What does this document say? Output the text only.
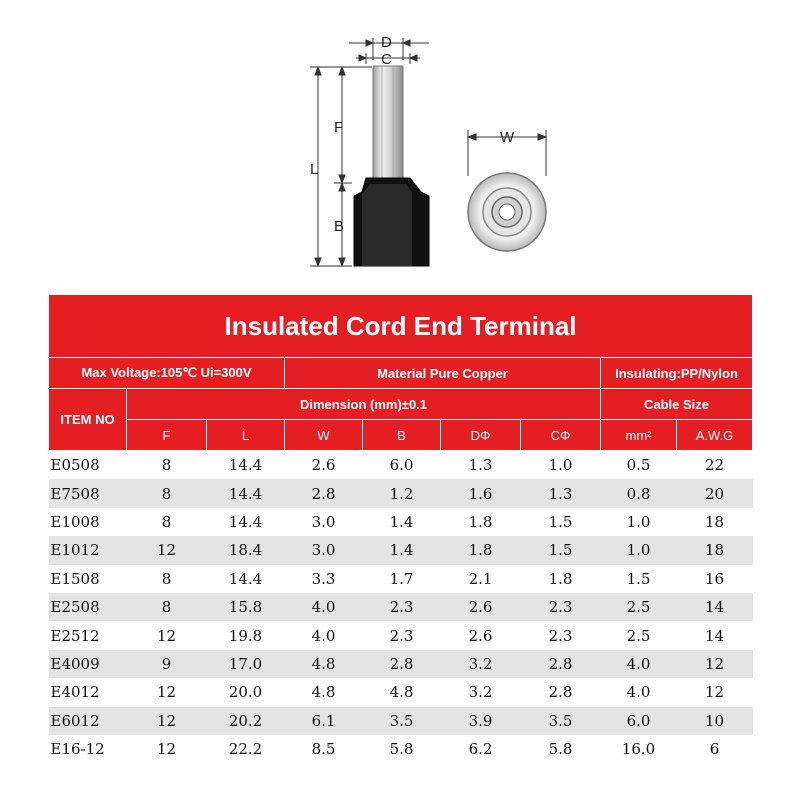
D
C
F
L
B
W
Insulated Cord End Terminal								
Max Voltage:105℃ Ui=300V			Material Pure Copper				Insulating:PP/Nylon	
ITEM NO	Dimension (mm)±0.1						Cable Size	
	F	L	W	B	DΦ	CΦ	mm²	A.W.G
E0508	8	14.4	2.6	6.0	1.3	1.0	0.5	22
E7508	8	14.4	2.8	1.2	1.6	1.3	0.8	20
E1008	8	14.4	3.0	1.4	1.8	1.5	1.0	18
E1012	12	18.4	3.0	1.4	1.8	1.5	1.0	18
E1508	8	14.4	3.3	1.7	2.1	1.8	1.5	16
E2508	8	15.8	4.0	2.3	2.6	2.3	2.5	14
E2512	12	19.8	4.0	2.3	2.6	2.3	2.5	14
E4009	9	17.0	4.8	2.8	3.2	2.8	4.0	12
E4012	12	20.0	4.8	4.8	3.2	2.8	4.0	12
E6012	12	20.2	6.1	3.5	3.9	3.5	6.0	10
E16-12	12	22.2	8.5	5.8	6.2	5.8	16.0	6
